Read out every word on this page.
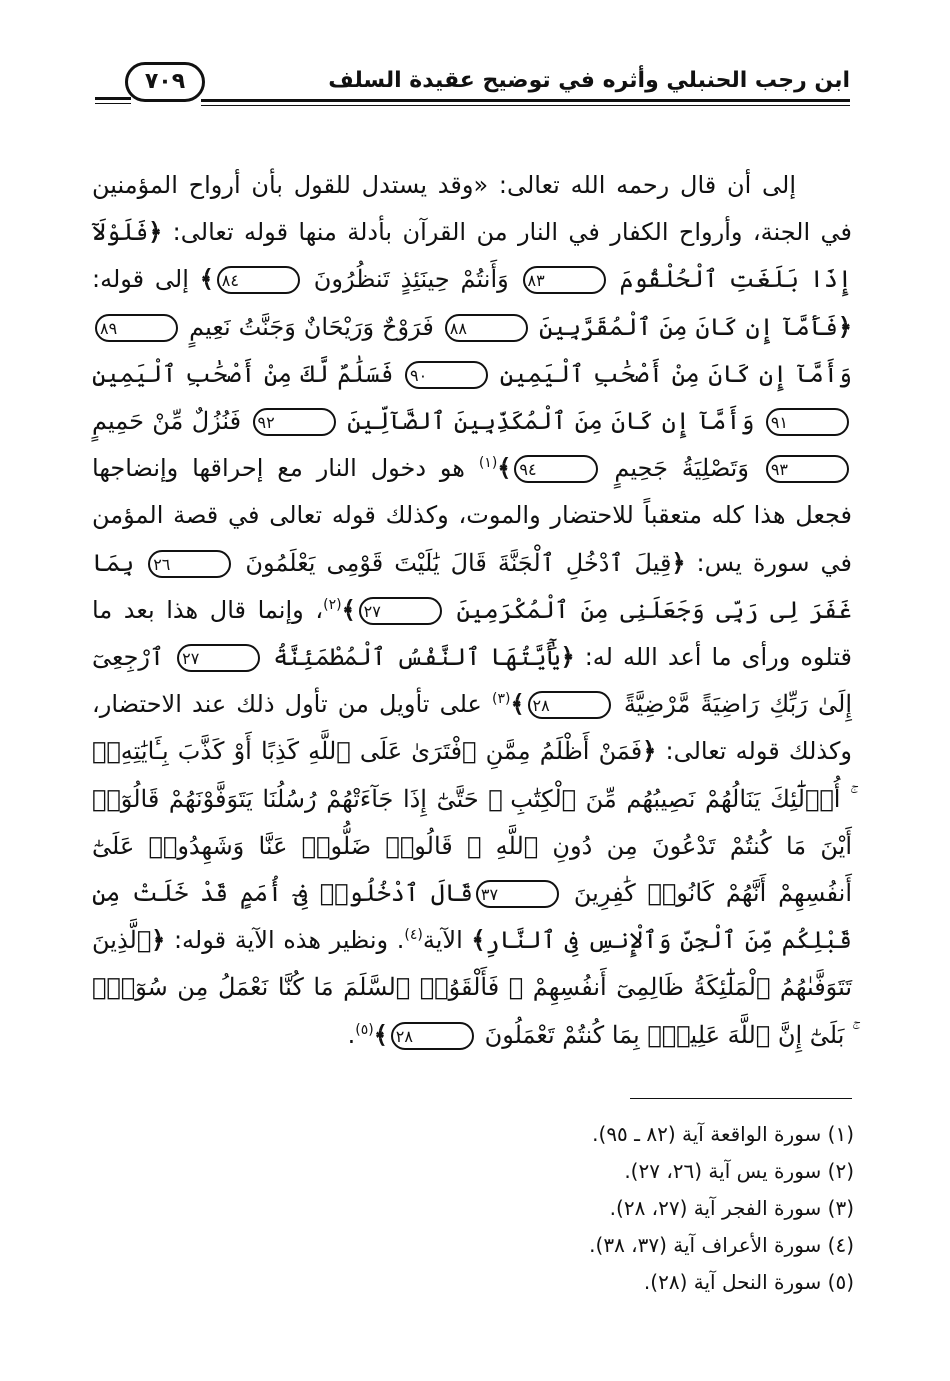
ابن رجب الحنبلي وأثره في توضيح عقيدة السلف
٧٠٩

إلى أن قال رحمه الله تعالى: «وقد يستدل للقول بأن أرواح المؤمنين في الجنة، وأرواح الكفار في النار من القرآن بأدلة منها قوله تعالى: ﴿فَلَوْلَآ إِذَا بَلَغَتِ ٱلْحُلْقُومَ ٨٣ وَأَنتُمْ حِينَئِذٍ تَنظُرُونَ ٨٤﴾ إلى قوله: ﴿فَأَمَّآ إِن كَانَ مِنَ ٱلْمُقَرَّبِينَ ٨٨ فَرَوْحٌ وَرَيْحَانٌ وَجَنَّتُ نَعِيمٍ ٨٩ وَأَمَّآ إِن كَانَ مِنْ أَصْحَٰبِ ٱلْيَمِينِ ٩٠ فَسَلَٰمٌ لَّكَ مِنْ أَصْحَٰبِ ٱلْيَمِينِ ٩١ وَأَمَّآ إِن كَانَ مِنَ ٱلْمُكَذِّبِينَ ٱلضَّآلِّينَ ٩٢ فَنُزُلٌ مِّنْ حَمِيمٍ ٩٣ وَتَصْلِيَةُ جَحِيمٍ ٩٤﴾$^{(١)}$ هو دخول النار مع إحراقها وإنضاجها فجعل هذا كله متعقباً للاحتضار والموت، وكذلك قوله تعالى في قصة المؤمن في سورة يس: ﴿قِيلَ ٱدْخُلِ ٱلْجَنَّةَ قَالَ يَٰلَيْتَ قَوْمِى يَعْلَمُونَ ٢٦ بِمَا غَفَرَ لِى رَبِّى وَجَعَلَنِى مِنَ ٱلْمُكْرَمِينَ ٢٧﴾$^{(٢)}$، وإنما قال هذا بعد ما قتلوه ورأى ما أعد الله له: ﴿يَٰٓأَيَّتُهَا ٱلنَّفْسُ ٱلْمُطْمَئِنَّةُ ٢٧ ٱرْجِعِىٓ إِلَىٰ رَبِّكِ رَاضِيَةً مَّرْضِيَّةً ٢٨﴾$^{(٣)}$ على تأويل من تأول ذلك عند الاحتضار، وكذلك قوله تعالى: ﴿فَمَنْ أَظْلَمُ مِمَّنِ ٱفْتَرَىٰ عَلَى ٱللَّهِ كَذِبًا أَوْ كَذَّبَ بِـَٔايَٰتِهِۦٓ ۚ أُو۟لَٰٓئِكَ يَنَالُهُمْ نَصِيبُهُم مِّنَ ٱلْكِتَٰبِ ۖ حَتَّىٰٓ إِذَا جَآءَتْهُمْ رُسُلُنَا يَتَوَفَّوْنَهُمْ قَالُوٓا۟ أَيْنَ مَا كُنتُمْ تَدْعُونَ مِن دُونِ ٱللَّهِ ۖ قَالُوا۟ ضَلُّوا۟ عَنَّا وَشَهِدُوا۟ عَلَىٰٓ أَنفُسِهِمْ أَنَّهُمْ كَانُوا۟ كَٰفِرِينَ ٣٧قَالَ ٱدْخُلُوا۟ فِىٓ أُمَمٍ قَدْ خَلَتْ مِن قَبْلِكُم مِّنَ ٱلْجِنِّ وَٱلْإِنسِ فِى ٱلنَّارِ﴾ الآية$^{(٤)}$. ونظير هذه الآية قوله: ﴿ٱلَّذِينَ تَتَوَفَّىٰهُمُ ٱلْمَلَٰٓئِكَةُ ظَالِمِىٓ أَنفُسِهِمْ ۖ فَأَلْقَوُا۟ ٱلسَّلَمَ مَا كُنَّا نَعْمَلُ مِن سُوٓءٍۭ ۚ بَلَىٰٓ إِنَّ ٱللَّهَ عَلِيمٌۢ بِمَا كُنتُمْ تَعْمَلُونَ ٢٨﴾$^{(٥)}$.

(١) سورة الواقعة آية (٨٢ ـ ٩٥).
(٢) سورة يس آية (٢٦، ٢٧).
(٣) سورة الفجر آية (٢٧، ٢٨).
(٤) سورة الأعراف آية (٣٧، ٣٨).
(٥) سورة النحل آية (٢٨).
